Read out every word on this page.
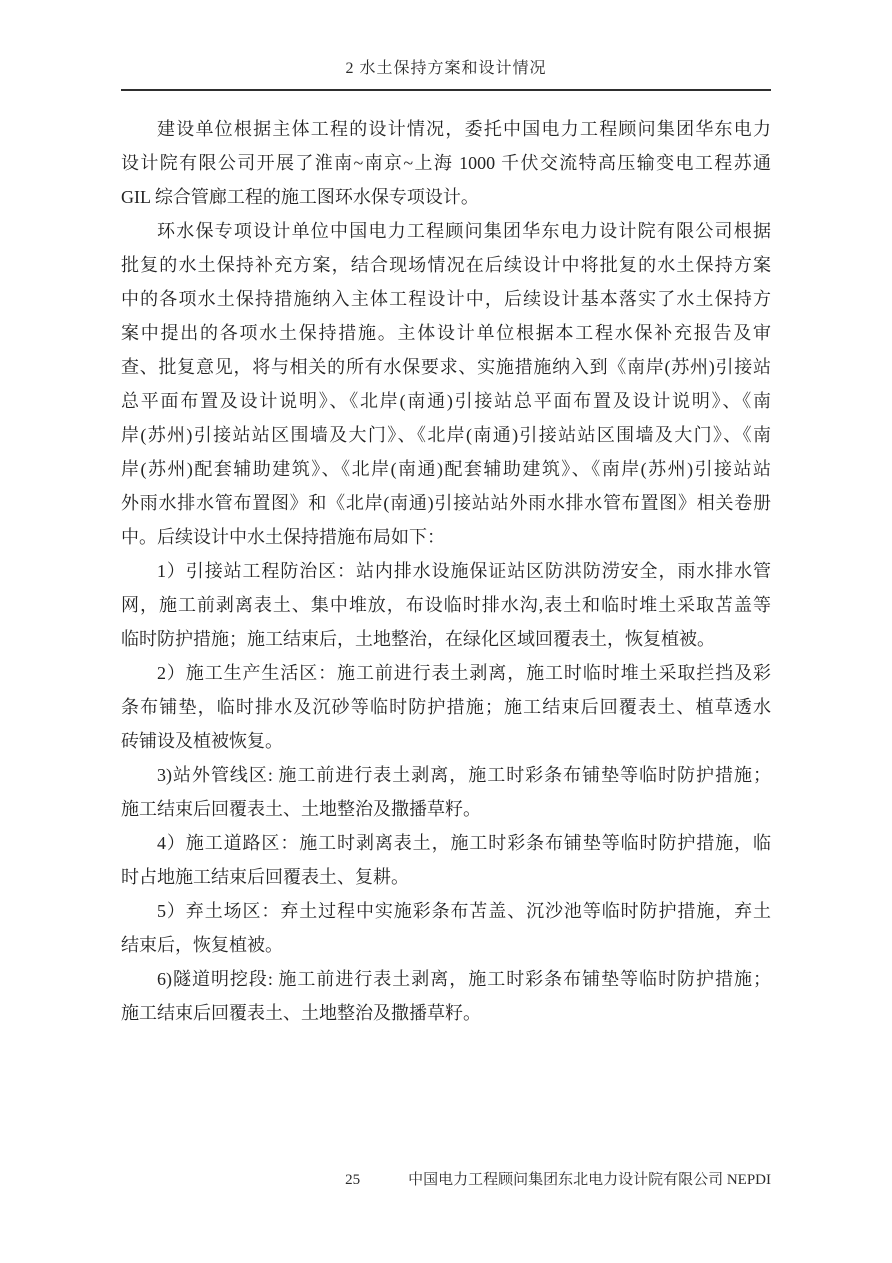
2 水土保持方案和设计情况
建设单位根据主体工程的设计情况，委托中国电力工程顾问集团华东电力
设计院有限公司开展了淮南~南京~上海 1000 千伏交流特高压输变电工程苏通
GIL 综合管廊工程的施工图环水保专项设计。
环水保专项设计单位中国电力工程顾问集团华东电力设计院有限公司根据
批复的水土保持补充方案，结合现场情况在后续设计中将批复的水土保持方案
中的各项水土保持措施纳入主体工程设计中，后续设计基本落实了水土保持方
案中提出的各项水土保持措施。主体设计单位根据本工程水保补充报告及审
查、批复意见，将与相关的所有水保要求、实施措施纳入到《南岸(苏州)引接站
总平面布置及设计说明》、《北岸(南通)引接站总平面布置及设计说明》、《南
岸(苏州)引接站站区围墙及大门》、《北岸(南通)引接站站区围墙及大门》、《南
岸(苏州)配套辅助建筑》、《北岸(南通)配套辅助建筑》、《南岸(苏州)引接站站
外雨水排水管布置图》和《北岸(南通)引接站站外雨水排水管布置图》相关卷册
中。后续设计中水土保持措施布局如下：
1）引接站工程防治区：站内排水设施保证站区防洪防涝安全，雨水排水管
网，施工前剥离表土、集中堆放，布设临时排水沟,表土和临时堆土采取苫盖等
临时防护措施；施工结束后，土地整治，在绿化区域回覆表土，恢复植被。
2）施工生产生活区：施工前进行表土剥离，施工时临时堆土采取拦挡及彩
条布铺垫，临时排水及沉砂等临时防护措施；施工结束后回覆表土、植草透水
砖铺设及植被恢复。
3)站外管线区: 施工前进行表土剥离，施工时彩条布铺垫等临时防护措施；
施工结束后回覆表土、土地整治及撒播草籽。
4）施工道路区：施工时剥离表土，施工时彩条布铺垫等临时防护措施，临
时占地施工结束后回覆表土、复耕。
5）弃土场区：弃土过程中实施彩条布苫盖、沉沙池等临时防护措施，弃土
结束后，恢复植被。
6)隧道明挖段: 施工前进行表土剥离，施工时彩条布铺垫等临时防护措施；
施工结束后回覆表土、土地整治及撒播草籽。
25	中国电力工程顾问集团东北电力设计院有限公司 NEPDI
